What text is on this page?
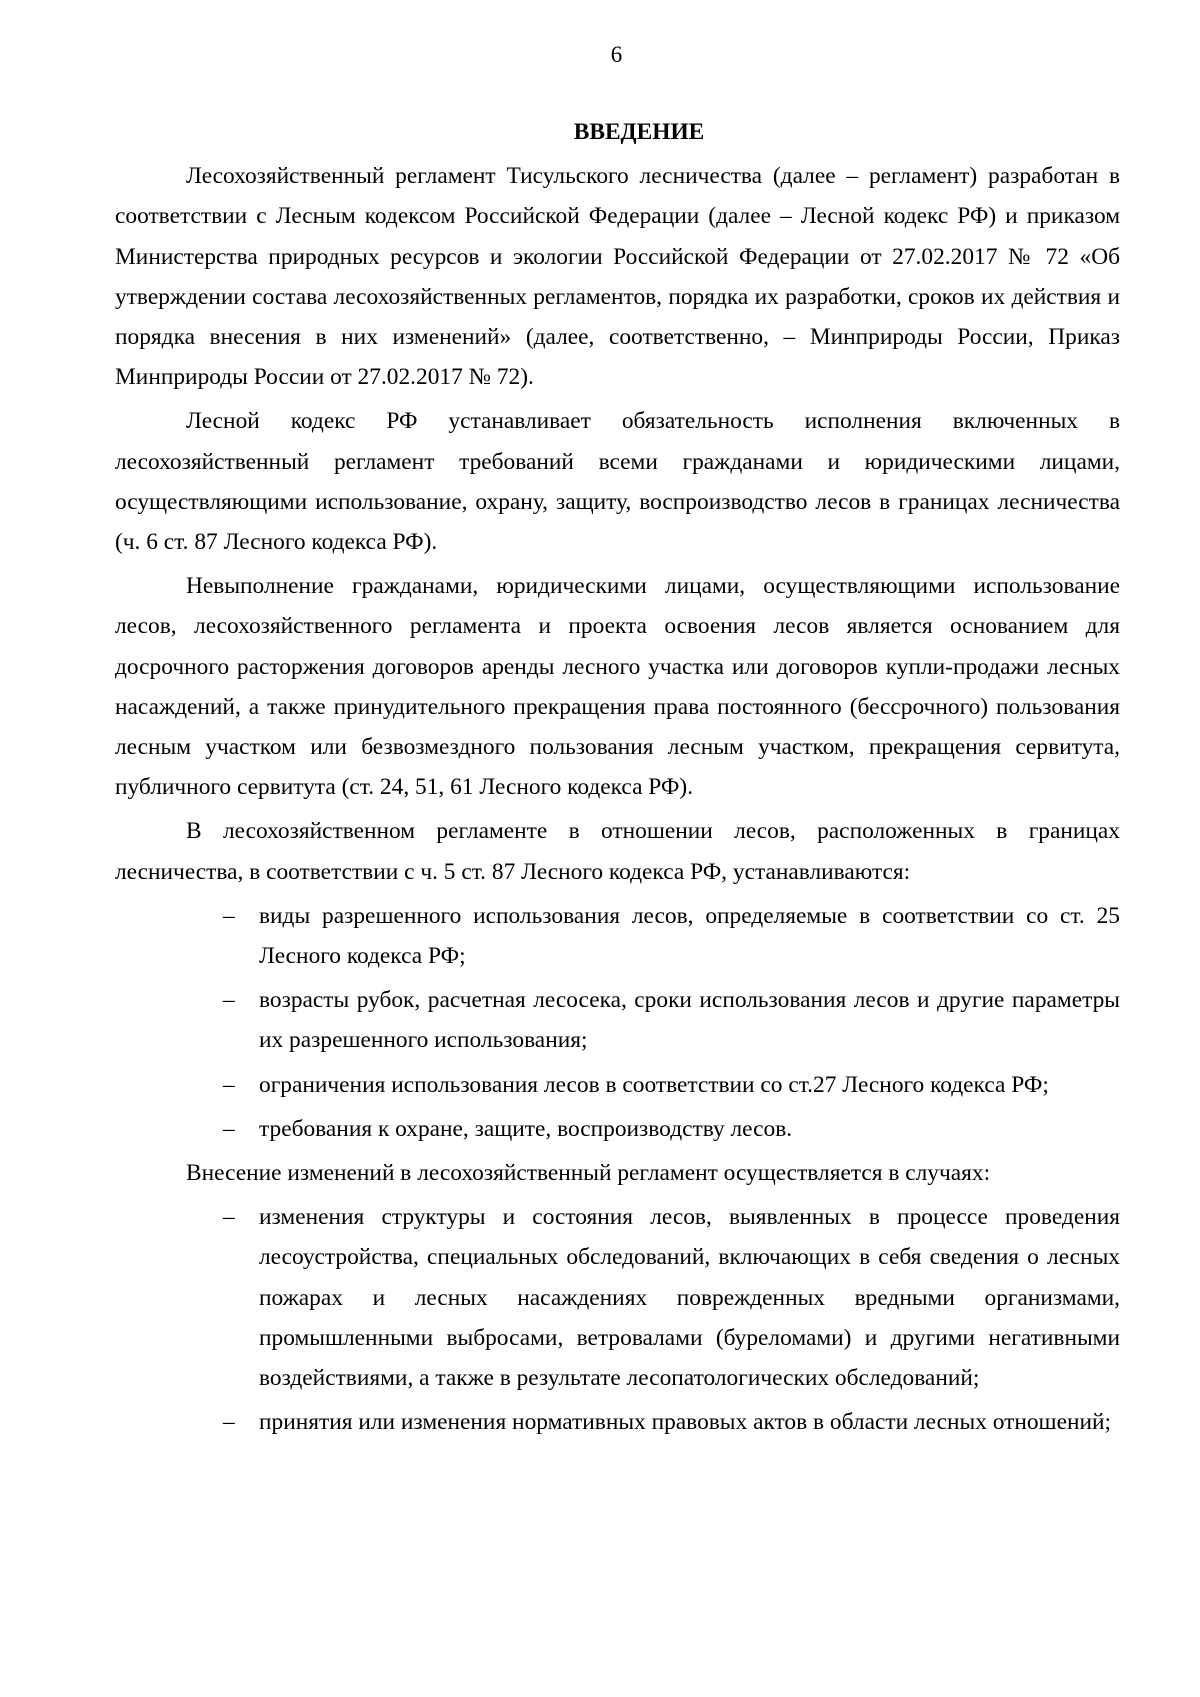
6
ВВЕДЕНИЕ

Лесохозяйственный регламент Тисульского лесничества (далее – регламент) разработан в соответствии с Лесным кодексом Российской Федерации (далее – Лесной кодекс РФ) и приказом Министерства природных ресурсов и экологии Российской Федерации от 27.02.2017 № 72 «Об утверждении состава лесохозяйственных регламентов, порядка их разработки, сроков их действия и порядка внесения в них изменений» (далее, соответственно, – Минприроды России, Приказ Минприроды России от 27.02.2017 № 72).

Лесной кодекс РФ устанавливает обязательность исполнения включенных в лесохозяйственный регламент требований всеми гражданами и юридическими лицами, осуществляющими использование, охрану, защиту, воспроизводство лесов в границах лесничества (ч. 6 ст. 87 Лесного кодекса РФ).

Невыполнение гражданами, юридическими лицами, осуществляющими использование лесов, лесохозяйственного регламента и проекта освоения лесов является основанием для досрочного расторжения договоров аренды лесного участка или договоров купли-продажи лесных насаждений, а также принудительного прекращения права постоянного (бессрочного) пользования лесным участком или безвозмездного пользования лесным участком, прекращения сервитута, публичного сервитута (ст. 24, 51, 61 Лесного кодекса РФ).

В лесохозяйственном регламенте в отношении лесов, расположенных в границах лесничества, в соответствии с ч. 5 ст. 87 Лесного кодекса РФ, устанавливаются:

– виды разрешенного использования лесов, определяемые в соответствии со ст. 25 Лесного кодекса РФ;
– возрасты рубок, расчетная лесосека, сроки использования лесов и другие параметры их разрешенного использования;
– ограничения использования лесов в соответствии со ст.27 Лесного кодекса РФ;
– требования к охране, защите, воспроизводству лесов.

Внесение изменений в лесохозяйственный регламент осуществляется в случаях:

– изменения структуры и состояния лесов, выявленных в процессе проведения лесоустройства, специальных обследований, включающих в себя сведения о лесных пожарах и лесных насаждениях поврежденных вредными организмами, промышленными выбросами, ветровалами (буреломами) и другими негативными воздействиями, а также в результате лесопатологических обследований;
– принятия или изменения нормативных правовых актов в области лесных отношений;
